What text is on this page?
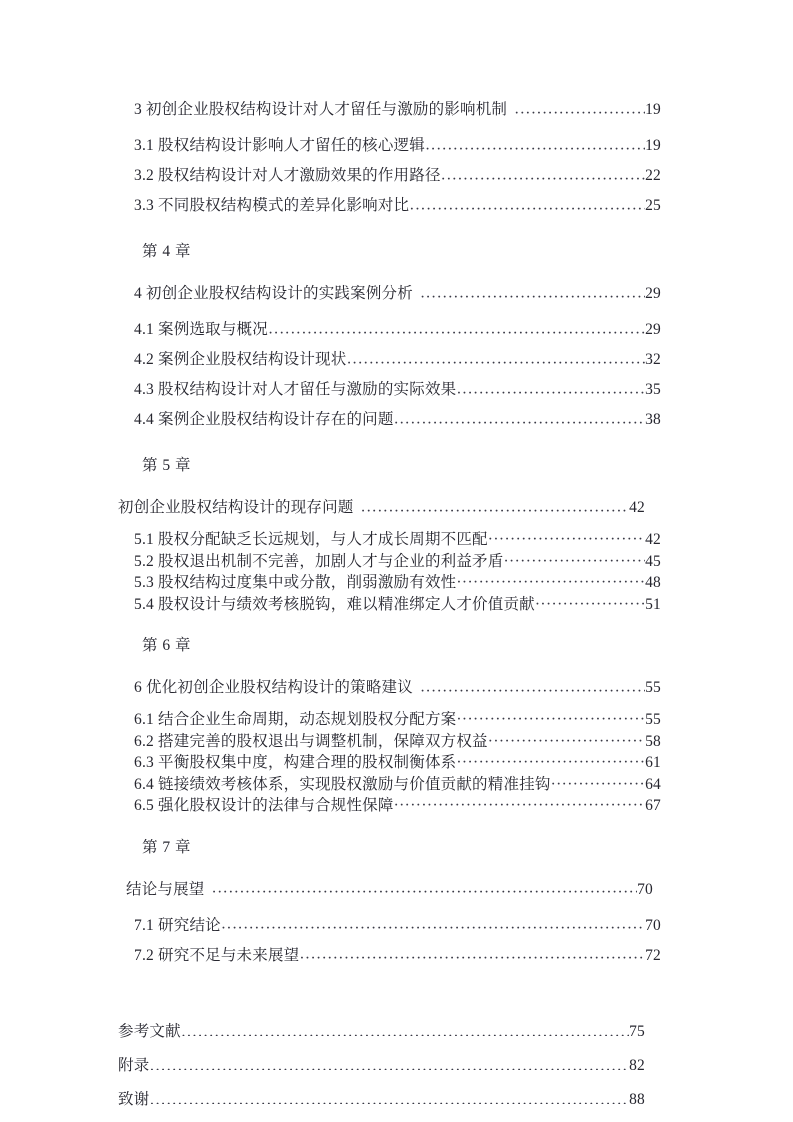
3 初创企业股权结构设计对人才留任与激励的影响机制 ·····	19
3.1 股权结构设计影响人才留任的核心逻辑 ·····	19
3.2 股权结构设计对人才激励效果的作用路径 ·····	22
3.3 不同股权结构模式的差异化影响对比 ·····	25
第 4 章
4 初创企业股权结构设计的实践案例分析 ·····	29
4.1 案例选取与概况 ·····	29
4.2 案例企业股权结构设计现状 ·····	32
4.3 股权结构设计对人才留任与激励的实际效果 ·····	35
4.4 案例企业股权结构设计存在的问题 ·····	38
第 5 章
初创企业股权结构设计的现存问题 ·····	42
5.1 股权分配缺乏长远规划，与人才成长周期不匹配 ·····	42
5.2 股权退出机制不完善，加剧人才与企业的利益矛盾 ·····	45
5.3 股权结构过度集中或分散，削弱激励有效性 ·····	48
5.4 股权设计与绩效考核脱钩，难以精准绑定人才价值贡献 ·····	51
第 6 章
6 优化初创企业股权结构设计的策略建议 ·····	55
6.1 结合企业生命周期，动态规划股权分配方案 ·····	55
6.2 搭建完善的股权退出与调整机制，保障双方权益 ·····	58
6.3 平衡股权集中度，构建合理的股权制衡体系 ·····	61
6.4 链接绩效考核体系，实现股权激励与价值贡献的精准挂钩 ·····	64
6.5 强化股权设计的法律与合规性保障 ·····	67
第 7 章
结论与展望 ·····	70
7.1 研究结论 ·····	70
7.2 研究不足与未来展望 ·····	72
参考文献 ·····	75
附录 ·····	82
致谢 ·····	88
